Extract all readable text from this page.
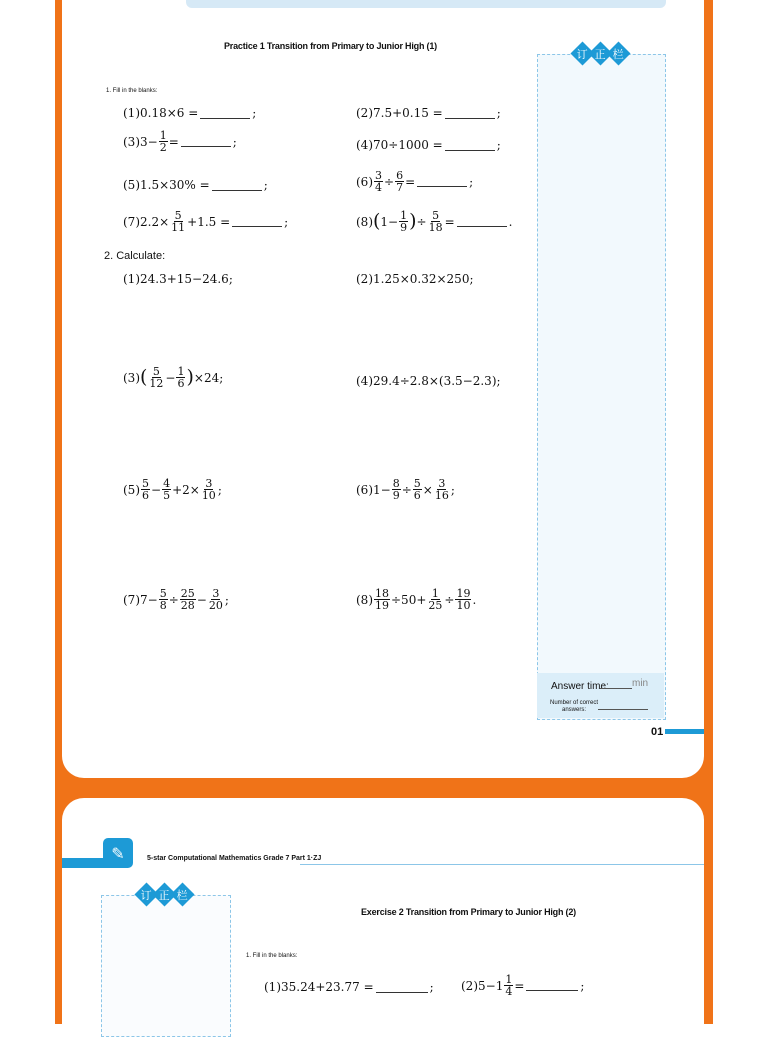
Practice 1 Transition from Primary to Junior High (1)
1. Fill in the blanks:
订 正 栏
Answer time: min
Number of correct answers:
01
(1) 0.18×6 =	;	(2) 7.5+0.15 =	;
(3) $3- \frac{1}{2}$ =	;	(4) 70÷1000 =	;
(5) 1.5×30% =	;	$(6) \frac{3}{4} \div \frac{6}{7}$ =	;
(7) $2.2\times \frac{5}{11} +1.5$ =	;	(8) ( $1- \frac{1}{9}$ ) ÷ $\frac{5}{18}$ =	.
2. Calculate:
(1) 24.3+15−24.6;	(2) 1.25×0.32×250;
(3) ( $\frac{5}{12} - \frac{1}{6}$ ) ×24;	(4) 29.4÷2.8×(3.5−2.3);
$(5) \frac{5}{6} - \frac{4}{5} +2\times \frac{3}{10}$ ;	(6) $1- \frac{8}{9} \div \frac{5}{6} \times \frac{3}{16}$ ;
(7) $7- \frac{5}{8} \div \frac{25}{28} - \frac{3}{20}$ ;	$(8) \frac{18}{19} \div 50+ \frac{1}{25} \div \frac{19}{10}$ .
✎	5-star Computational Mathematics Grade 7 Part 1·ZJ
订 正 栏
Exercise 2 Transition from Primary to Junior High (2)
1. Fill in the blanks:
(1) 35.24+23.77 =	; (2) $5-1 \frac{1}{4}$ =	;
